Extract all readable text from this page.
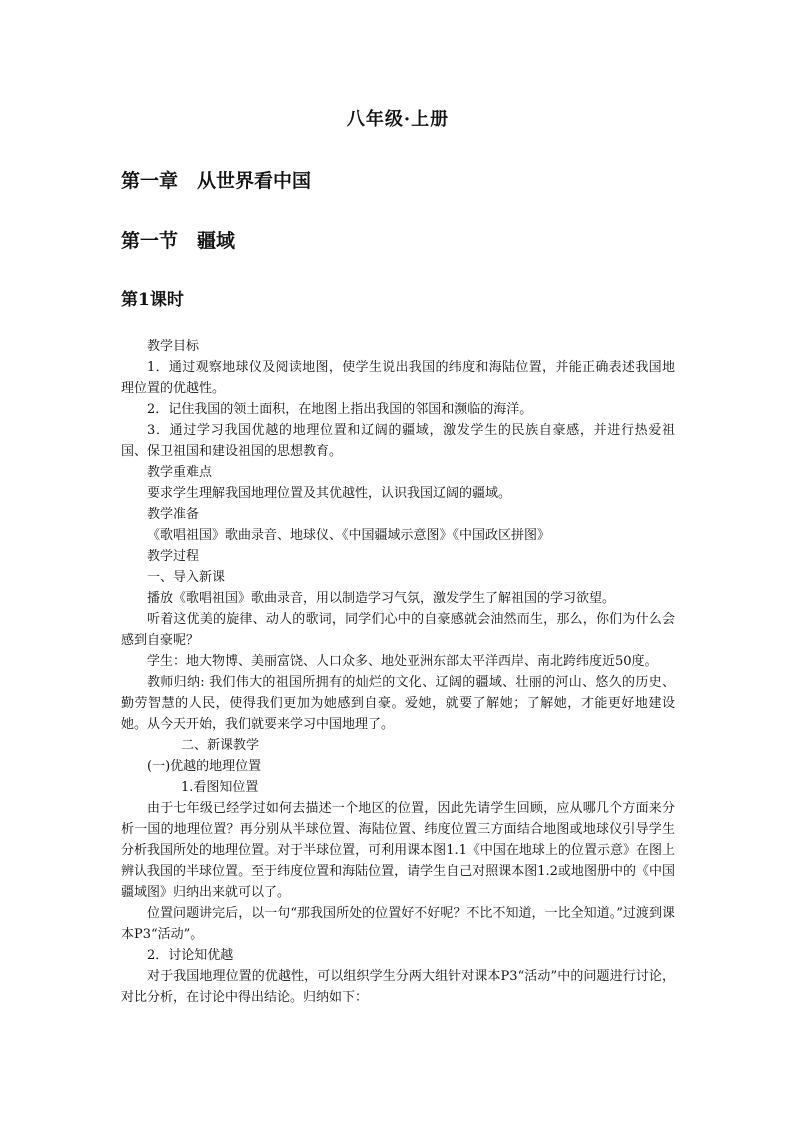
八年级·上册
第一章　从世界看中国
第一节　疆域
第1课时

教学目标

1．通过观察地球仪及阅读地图，使学生说出我国的纬度和海陆位置，并能正确表述我国地理位置的优越性。

2．记住我国的领土面积，在地图上指出我国的邻国和濒临的海洋。

3．通过学习我国优越的地理位置和辽阔的疆域，激发学生的民族自豪感，并进行热爱祖国、保卫祖国和建设祖国的思想教育。

教学重难点

要求学生理解我国地理位置及其优越性，认识我国辽阔的疆域。

教学准备

《歌唱祖国》歌曲录音、地球仪、《中国疆域示意图》《中国政区拼图》

教学过程

一、导入新课

播放《歌唱祖国》歌曲录音，用以制造学习气氛，激发学生了解祖国的学习欲望。

听着这优美的旋律、动人的歌词，同学们心中的自豪感就会油然而生，那么，你们为什么会感到自豪呢？

学生：地大物博、美丽富饶、人口众多、地处亚洲东部太平洋西岸、南北跨纬度近50度。

教师归纳: 我们伟大的祖国所拥有的灿烂的文化、辽阔的疆域、壮丽的河山、悠久的历史、勤劳智慧的人民，使得我们更加为她感到自豪。爱她，就要了解她；了解她，才能更好地建设她。从今天开始，我们就要来学习中国地理了。

二、新课教学

(一)优越的地理位置

1.看图知位置

由于七年级已经学过如何去描述一个地区的位置，因此先请学生回顾，应从哪几个方面来分析一国的地理位置？再分别从半球位置、海陆位置、纬度位置三方面结合地图或地球仪引导学生分析我国所处的地理位置。对于半球位置，可利用课本图1.1《中国在地球上的位置示意》在图上辨认我国的半球位置。至于纬度位置和海陆位置，请学生自己对照课本图1.2或地图册中的《中国疆域图》归纳出来就可以了。

位置问题讲完后，以一句“那我国所处的位置好不好呢？不比不知道，一比全知道。”过渡到课本P3“活动”。

2．讨论知优越

对于我国地理位置的优越性，可以组织学生分两大组针对课本P3“活动”中的问题进行讨论，对比分析，在讨论中得出结论。归纳如下：
